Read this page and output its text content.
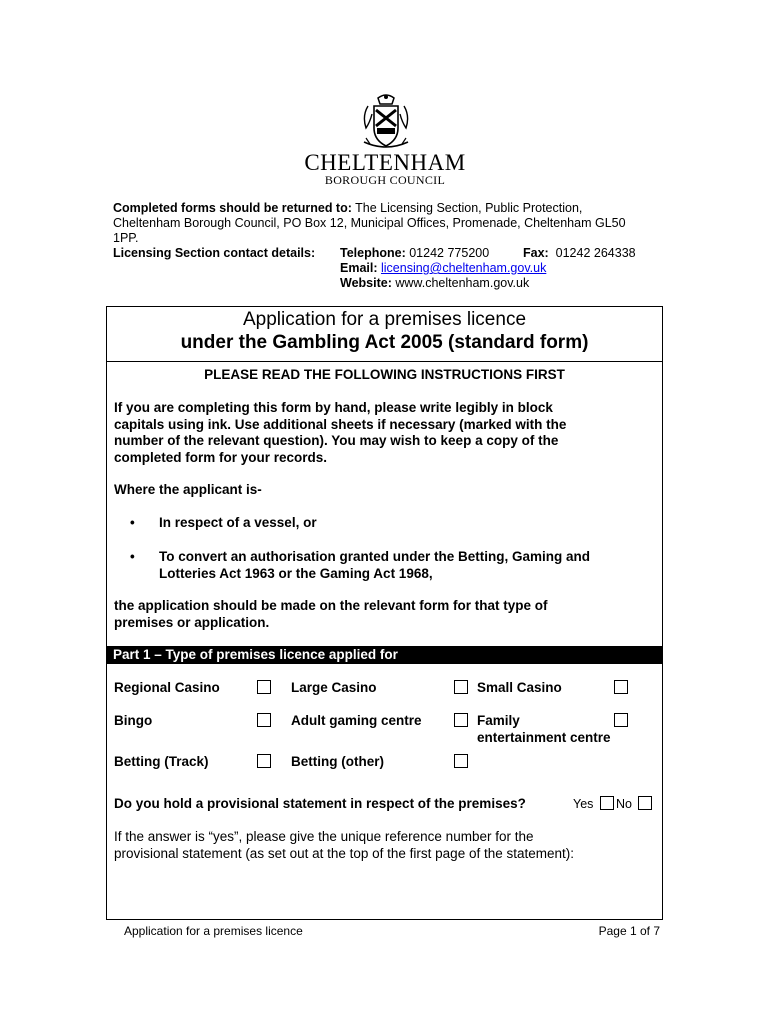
CHELTENHAM
BOROUGH COUNCIL
Completed forms should be returned to: The Licensing Section, Public Protection,
Cheltenham Borough Council, PO Box 12, Municipal Offices, Promenade, Cheltenham GL50
1PP.
Licensing Section contact details: Telephone: 01242 775200	Fax: 01242 264338
Email: licensing@cheltenham.gov.uk
Website: www.cheltenham.gov.uk
Application for a premises licence
under the Gambling Act 2005 (standard form)
PLEASE READ THE FOLLOWING INSTRUCTIONS FIRST
If you are completing this form by hand, please write legibly in block
capitals using ink. Use additional sheets if necessary (marked with the
number of the relevant question). You may wish to keep a copy of the
completed form for your records.
Where the applicant is-
• In respect of a vessel, or
• To convert an authorisation granted under the Betting, Gaming and
Lotteries Act 1963 or the Gaming Act 1968,
the application should be made on the relevant form for that type of
premises or application.
Part 1 – Type of premises licence applied for
Regional Casino	Large Casino	Small Casino
Bingo	Adult gaming centre	Family
entertainment centre
Betting (Track)	Betting (other)
Do you hold a provisional statement in respect of the premises?	Yes No
If the answer is “yes”, please give the unique reference number for the
provisional statement (as set out at the top of the first page of the statement):
Application for a premises licence	Page 1 of 7
